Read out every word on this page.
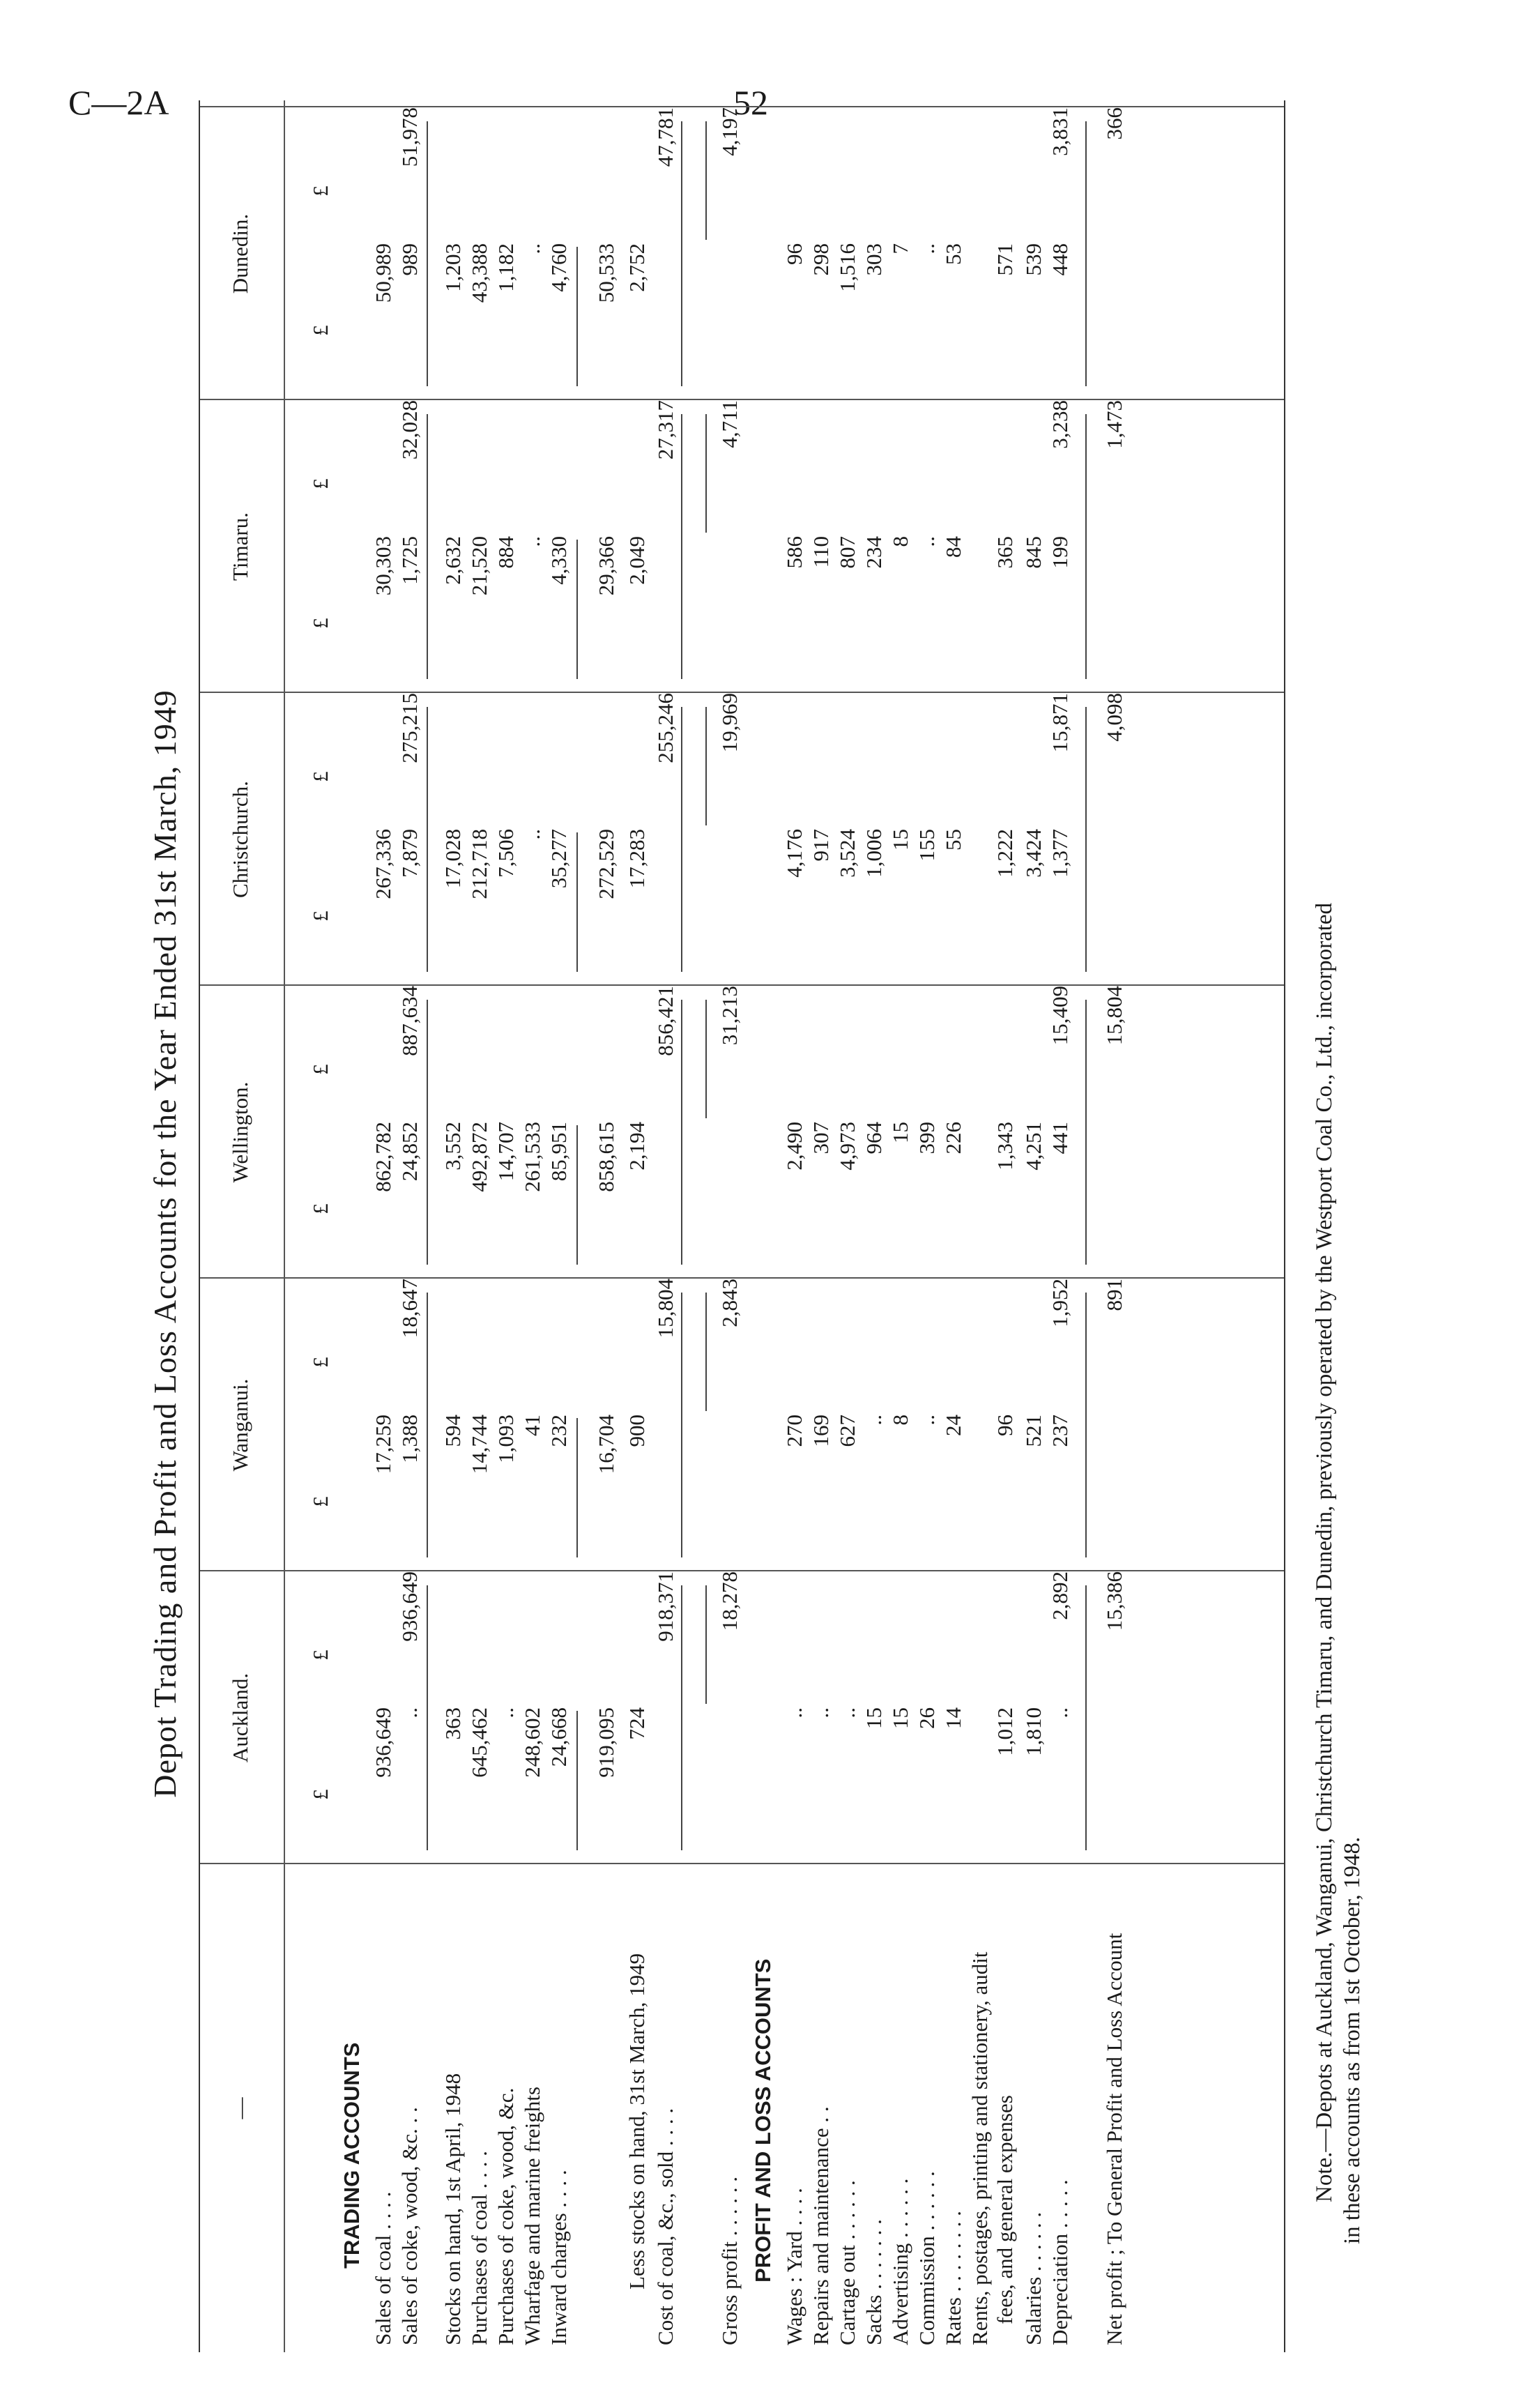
C—2A	52
Depot Trading and Profit and Loss Accounts for the Year Ended 31st March, 1949
—
Auckland.
£
£
Wanganui.
£
£
Wellington.
£
£
Christchurch.
£
£
Timaru.
£
£
Dunedin.
£
£
TRADING ACCOUNTS	PROFIT AND LOSS ACCOUNTS
Sales of coal . . . .
936,649
17,259
862,782
267,336
30,303
50,989
Sales of coke, wood, &c. . .
..
936,649
1,388
18,647
24,852
887,634
7,879
275,215
1,725
32,028
989
51,978
Stocks on hand, 1st April, 1948
363
594
3,552
17,028
2,632
1,203
Purchases of coal . . . .
645,462
14,744
492,872
212,718
21,520
43,388
Purchases of coke, wood, &c.
..
1,093
14,707
7,506
884
1,182
Wharfage and marine freights
248,602
41
261,533
..
..
..
Inward charges . . . .
24,668
232
85,951
35,277
4,330
4,760
919,095
16,704
858,615
272,529
29,366
50,533
Less stocks on hand, 31st March, 1949
724
900
2,194
17,283
2,049
2,752
Cost of coal, &c., sold . . . .
918,371
15,804
856,421
255,246
27,317
47,781
Gross profit . . . . . .
18,278
2,843
31,213
19,969
4,711
4,197
Wages : Yard . . . .
..
270
2,490
4,176
586
96
Repairs and maintenance . .
..
169
307
917
110
298
Cartage out . . . . . .
..
627
4,973
3,524
807
1,516
Sacks . . . . . . .
15
..
964
1,006
234
303
Advertising . . . . . .
15
8
15
15
8
7
Commission . . . . . .
26
..
399
155
..
..
Rates . . . . . . . .
14
24
226
55
84
53
Rents, postages, printing and stationery, audit fees, and general expenses
1,012
96
1,343
1,222
365
571
Salaries . . . . . .
1,810
521
4,251
3,424
845
539
Depreciation . . . . .
..
2,892
237
1,952
441
15,409
1,377
15,871
199
3,238
448
3,831
Net profit ; To General Profit and Loss Account
15,386
891
15,804
4,098
1,473
366
Note.—Depots at Auckland, Wanganui, Christchurch Timaru, and Dunedin, previously operated by the Westport Coal Co., Ltd., incorporated in these accounts as from 1st October, 1948.
